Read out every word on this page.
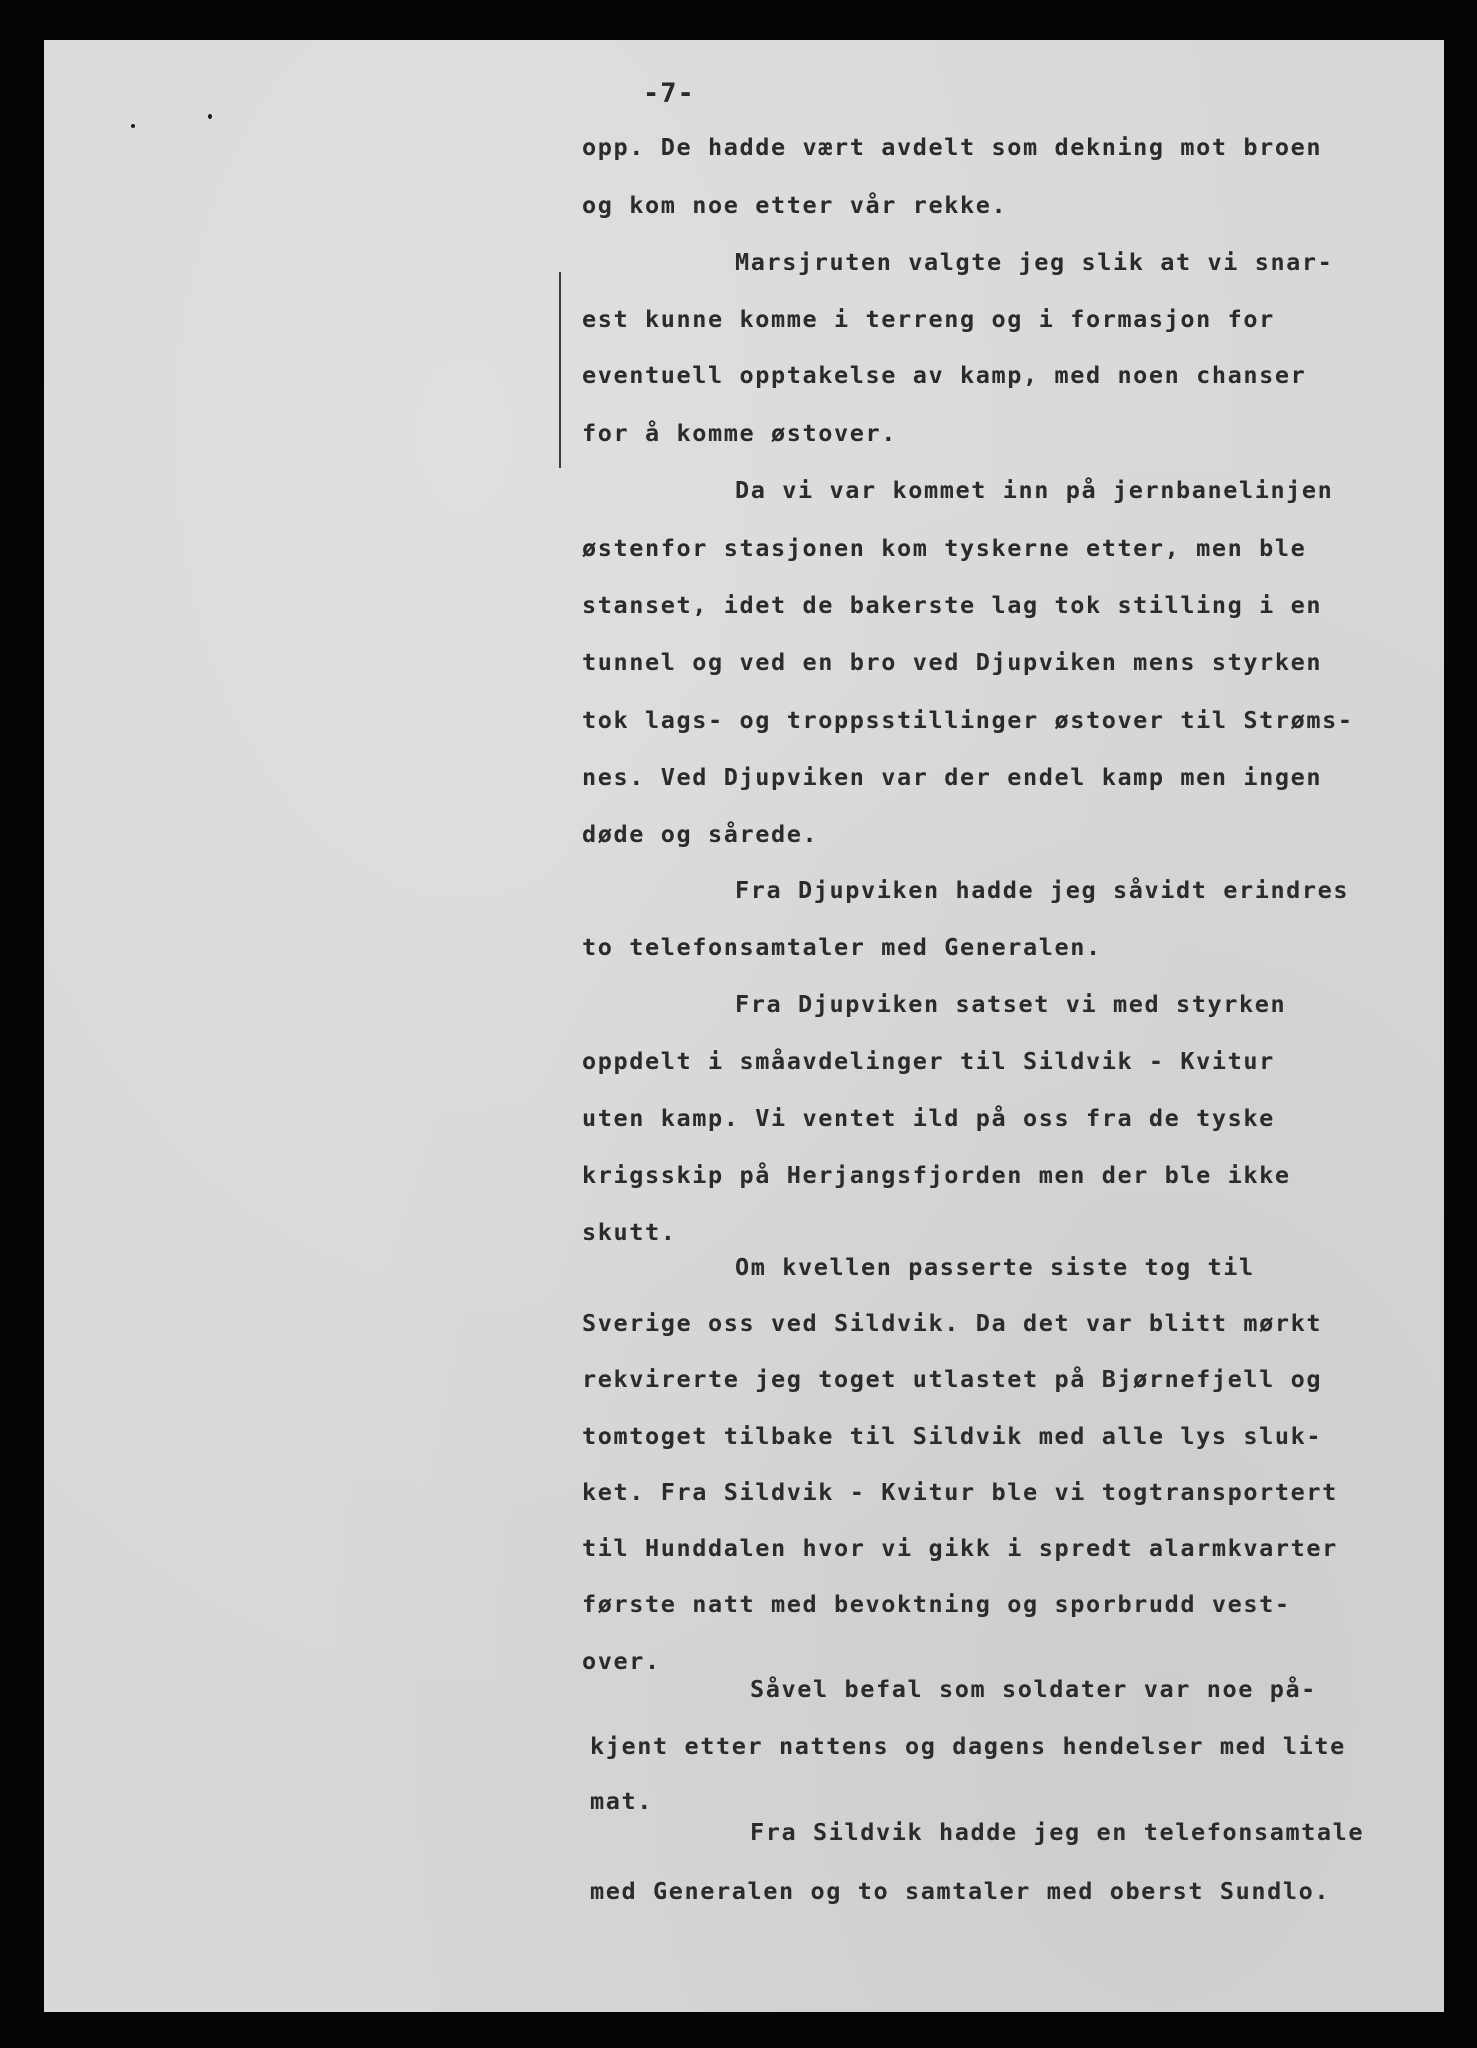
-7-

opp. De hadde vært avdelt som dekning mot broen
og kom noe etter vår rekke.
Marsjruten valgte jeg slik at vi snar-
est kunne komme i terreng og i formasjon for
eventuell opptakelse av kamp, med noen chanser
for å komme østover.
Da vi var kommet inn på jernbanelinjen
østenfor stasjonen kom tyskerne etter, men ble
stanset, idet de bakerste lag tok stilling i en
tunnel og ved en bro ved Djupviken mens styrken
tok lags- og troppsstillinger østover til Strøms-
nes. Ved Djupviken var der endel kamp men ingen
døde og sårede.
Fra Djupviken hadde jeg såvidt erindres
to telefonsamtaler med Generalen.
Fra Djupviken satset vi med styrken
oppdelt i småavdelinger til Sildvik - Kvitur
uten kamp. Vi ventet ild på oss fra de tyske
krigsskip på Herjangsfjorden men der ble ikke
skutt.
Om kvellen passerte siste tog til
Sverige oss ved Sildvik. Da det var blitt mørkt
rekvirerte jeg toget utlastet på Bjørnefjell og
tomtoget tilbake til Sildvik med alle lys sluk-
ket. Fra Sildvik - Kvitur ble vi togtransportert
til Hunddalen hvor vi gikk i spredt alarmkvarter
første natt med bevoktning og sporbrudd vest-
over.
Såvel befal som soldater var noe på-
kjent etter nattens og dagens hendelser med lite
mat.
Fra Sildvik hadde jeg en telefonsamtale
med Generalen og to samtaler med oberst Sundlo.
